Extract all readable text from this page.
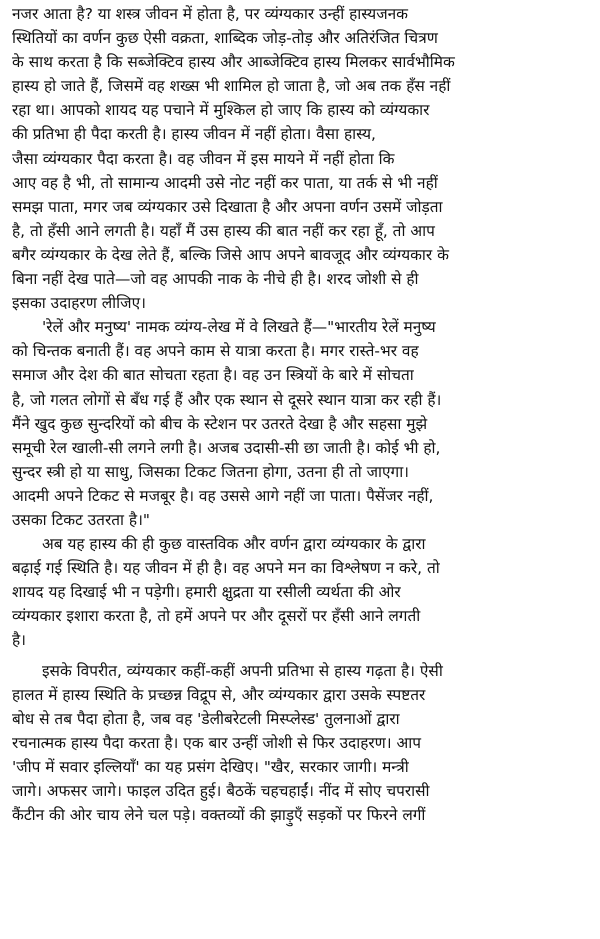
नजर आता है? या शस्त्र जीवन में होता है, पर व्यंग्यकार उन्हीं हास्यजनक
स्थितियों का वर्णन कुछ ऐसी वक्रता, शाब्दिक जोड़-तोड़ और अतिरंजित चित्रण
के साथ करता है कि सब्जेक्टिव हास्य और आब्जेक्टिव हास्य मिलकर सार्वभौमिक
हास्य हो जाते हैं, जिसमें वह शख्स भी शामिल हो जाता है, जो अब तक हँस नहीं
रहा था। आपको शायद यह पचाने में मुश्किल हो जाए कि हास्य को व्यंग्यकार
की प्रतिभा ही पैदा करती है। हास्य जीवन में नहीं होता। वैसा हास्य,
जैसा व्यंग्यकार पैदा करता है। वह जीवन में इस मायने में नहीं होता कि
आए वह है भी, तो सामान्य आदमी उसे नोट नहीं कर पाता, या तर्क से भी नहीं
समझ पाता, मगर जब व्यंग्यकार उसे दिखाता है और अपना वर्णन उसमें जोड़ता
है, तो हँसी आने लगती है। यहाँ मैं उस हास्य की बात नहीं कर रहा हूँ, तो आप
बगैर व्यंग्यकार के देख लेते हैं, बल्कि जिसे आप अपने बावजूद और व्यंग्यकार के
बिना नहीं देख पाते—जो वह आपकी नाक के नीचे ही है। शरद जोशी से ही
इसका उदाहरण लीजिए।
'रेलें और मनुष्य' नामक व्यंग्य-लेख में वे लिखते हैं—"भारतीय रेलें मनुष्य
को चिन्तक बनाती हैं। वह अपने काम से यात्रा करता है। मगर रास्ते-भर वह
समाज और देश की बात सोचता रहता है। वह उन स्त्रियों के बारे में सोचता
है, जो गलत लोगों से बँध गई हैं और एक स्थान से दूसरे स्थान यात्रा कर रही हैं।
मैंने खुद कुछ सुन्दरियों को बीच के स्टेशन पर उतरते देखा है और सहसा मुझे
समूची रेल खाली-सी लगने लगी है। अजब उदासी-सी छा जाती है। कोई भी हो,
सुन्दर स्त्री हो या साधु, जिसका टिकट जितना होगा, उतना ही तो जाएगा।
आदमी अपने टिकट से मजबूर है। वह उससे आगे नहीं जा पाता। पैसेंजर नहीं,
उसका टिकट उतरता है।"
अब यह हास्य की ही कुछ वास्तविक और वर्णन द्वारा व्यंग्यकार के द्वारा
बढ़ाई गई स्थिति है। यह जीवन में ही है। वह अपने मन का विश्लेषण न करे, तो
शायद यह दिखाई भी न पड़ेगी। हमारी क्षुद्रता या रसीली व्यर्थता की ओर
व्यंग्यकार इशारा करता है, तो हमें अपने पर और दूसरों पर हँसी आने लगती
है।
इसके विपरीत, व्यंग्यकार कहीं-कहीं अपनी प्रतिभा से हास्य गढ़ता है। ऐसी
हालत में हास्य स्थिति के प्रच्छन्न विद्रूप से, और व्यंग्यकार द्वारा उसके स्पष्टतर
बोध से तब पैदा होता है, जब वह 'डेलीबरेटली मिस्प्लेस्ड' तुलनाओं द्वारा
रचनात्मक हास्य पैदा करता है। एक बार उन्हीं जोशी से फिर उदाहरण। आप
'जीप में सवार इल्लियाँ' का यह प्रसंग देखिए। "खैर, सरकार जागी। मन्त्री
जागे। अफसर जागे। फाइल उदित हुई। बैठकें चहचहाईं। नींद में सोए चपरासी
कैंटीन की ओर चाय लेने चल पड़े। वक्तव्यों की झाड़ुएँ सड़कों पर फिरने लगीं
